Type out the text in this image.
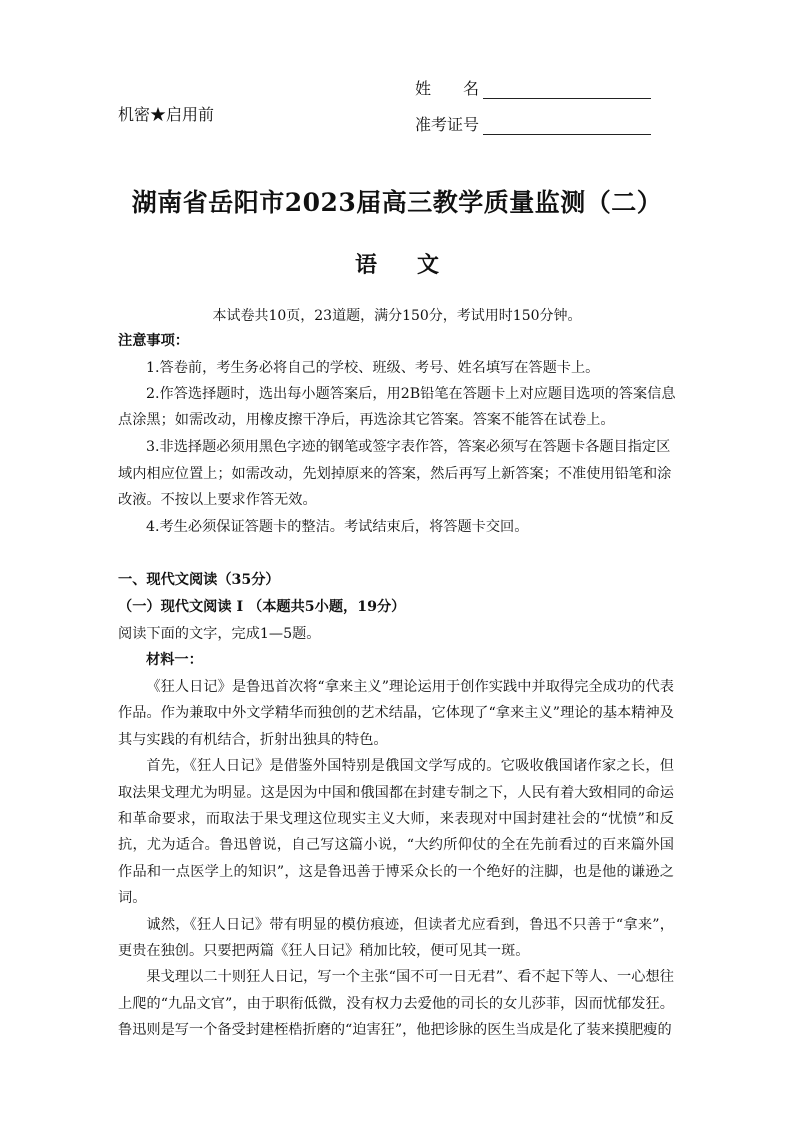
机密★启用前
姓　　名
准考证号
湖南省岳阳市2023届高三教学质量监测（二）
语 文
本试卷共10页，23道题，满分150分，考试用时150分钟。
注意事项：
1.答卷前，考生务必将自己的学校、班级、考号、姓名填写在答题卡上。
2.作答选择题时，选出每小题答案后，用2B铅笔在答题卡上对应题目选项的答案信息
点涂黑；如需改动，用橡皮擦干净后，再选涂其它答案。答案不能答在试卷上。
3.非选择题必须用黑色字迹的钢笔或签字表作答，答案必须写在答题卡各题目指定区
域内相应位置上；如需改动，先划掉原来的答案，然后再写上新答案；不准使用铅笔和涂
改液。不按以上要求作答无效。
4.考生必须保证答题卡的整洁。考试结束后，将答题卡交回。
一、现代文阅读（35分）
（一）现代文阅读 I （本题共5小题，19分）
阅读下面的文字，完成1—5题。
材料一：

《狂人日记》是鲁迅首次将“拿来主义”理论运用于创作实践中并取得完全成功的代表作品。作为兼取中外文学精华而独创的艺术结晶，它体现了“拿来主义”理论的基本精神及其与实践的有机结合，折射出独具的特色。

首先，《狂人日记》是借鉴外国特别是俄国文学写成的。它吸收俄国诸作家之长，但取法果戈理尤为明显。这是因为中国和俄国都在封建专制之下，人民有着大致相同的命运和革命要求，而取法于果戈理这位现实主义大师，来表现对中国封建社会的“忧愤”和反抗，尤为适合。鲁迅曾说，自己写这篇小说，“大约所仰仗的全在先前看过的百来篇外国作品和一点医学上的知识”，这是鲁迅善于博采众长的一个绝好的注脚，也是他的谦逊之词。

诚然，《狂人日记》带有明显的模仿痕迹，但读者尤应看到，鲁迅不只善于“拿来”，更贵在独创。只要把两篇《狂人日记》稍加比较，便可见其一斑。

果戈理以二十则狂人日记，写一个主张“国不可一日无君”、看不起下等人、一心想往上爬的“九品文官”，由于职衔低微，没有权力去爱他的司长的女儿莎菲，因而忧郁发狂。鲁迅则是写一个备受封建桎梏折磨的“迫害狂”，他把诊脉的医生当成是化了装来摸肥瘦的
